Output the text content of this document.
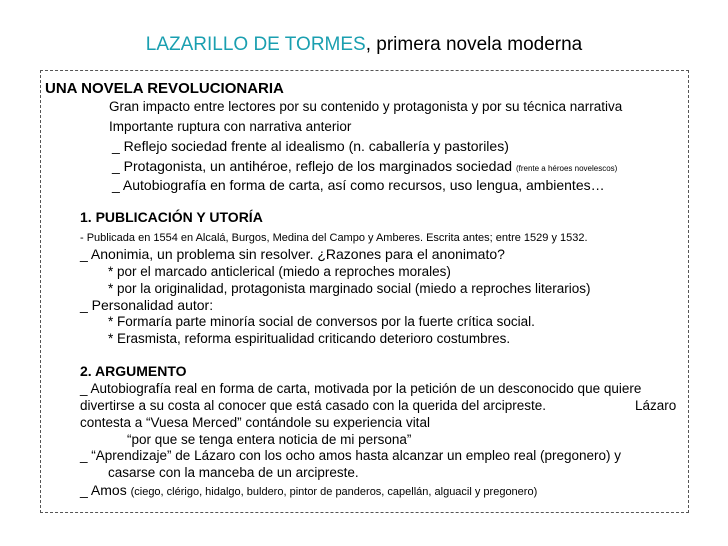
LAZARILLO DE TORMES, primera novela moderna
UNA NOVELA REVOLUCIONARIA
Gran impacto entre lectores por su contenido y protagonista y por su técnica narrativa
Importante ruptura con narrativa anterior
_ Reflejo sociedad frente al idealismo (n. caballería y pastoriles)
_ Protagonista, un antihéroe, reflejo de los marginados sociedad (frente a héroes novelescos)
_ Autobiografía en forma de carta, así como recursos, uso lengua, ambientes…
1. PUBLICACIÓN Y UTORÍA
- Publicada en 1554 en Alcalá, Burgos, Medina del Campo y Amberes. Escrita antes; entre 1529 y 1532.
_ Anonimia, un problema sin resolver. ¿Razones para el anonimato?
* por el marcado anticlerical (miedo a reproches morales)
* por la originalidad, protagonista marginado social (miedo a reproches literarios)
_ Personalidad autor:
* Formaría parte minoría social de conversos por la fuerte crítica social.
* Erasmista, reforma espiritualidad criticando deterioro costumbres.
2. ARGUMENTO
_ Autobiografía real en forma de carta, motivada por la petición de un desconocido que quiere
divertirse a su costa al conocer que está casado con la querida del arcipreste.	Lázaro
contesta a “Vuesa Merced” contándole su experiencia vital
“por que se tenga entera noticia de mi persona”
_ “Aprendizaje” de Lázaro con los ocho amos hasta alcanzar un empleo real (pregonero) y
casarse con la manceba de un arcipreste.
_ Amos (ciego, clérigo, hidalgo, buldero, pintor de panderos, capellán, alguacil y pregonero)
